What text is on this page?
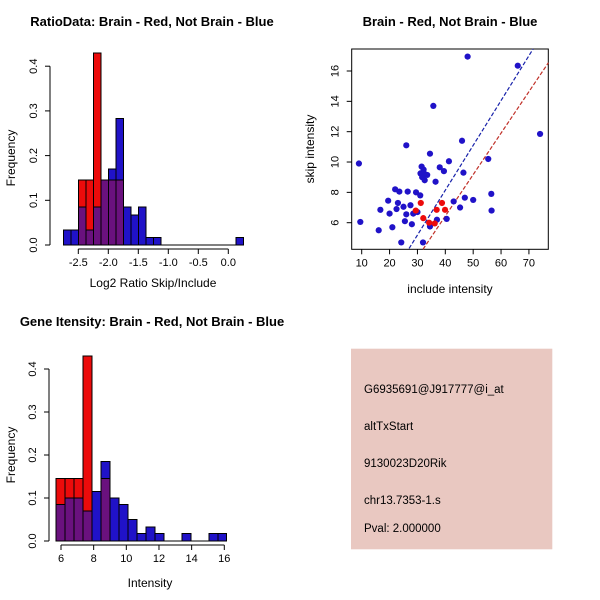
RatioData: Brain - Red, Not Brain - Blue
Frequency
Log2 Ratio Skip/Include
0.0
0.1
0.2
0.3
0.4
-2.5 -2.0 -1.5 -1.0 -0.5 0.0
Brain - Red, Not Brain - Blue
skip intensity
include intensity
10 20 30 40 50 60 70
6
8
10
12
14
16
Gene Itensity: Brain - Red, Not Brain - Blue
Frequency
Intensity
0.0
0.1
0.2
0.3
0.4
6 8 10 12 14 16
G6935691@J917777@i_at
altTxStart
9130023D20Rik
chr13.7353-1.s
Pval: 2.000000
